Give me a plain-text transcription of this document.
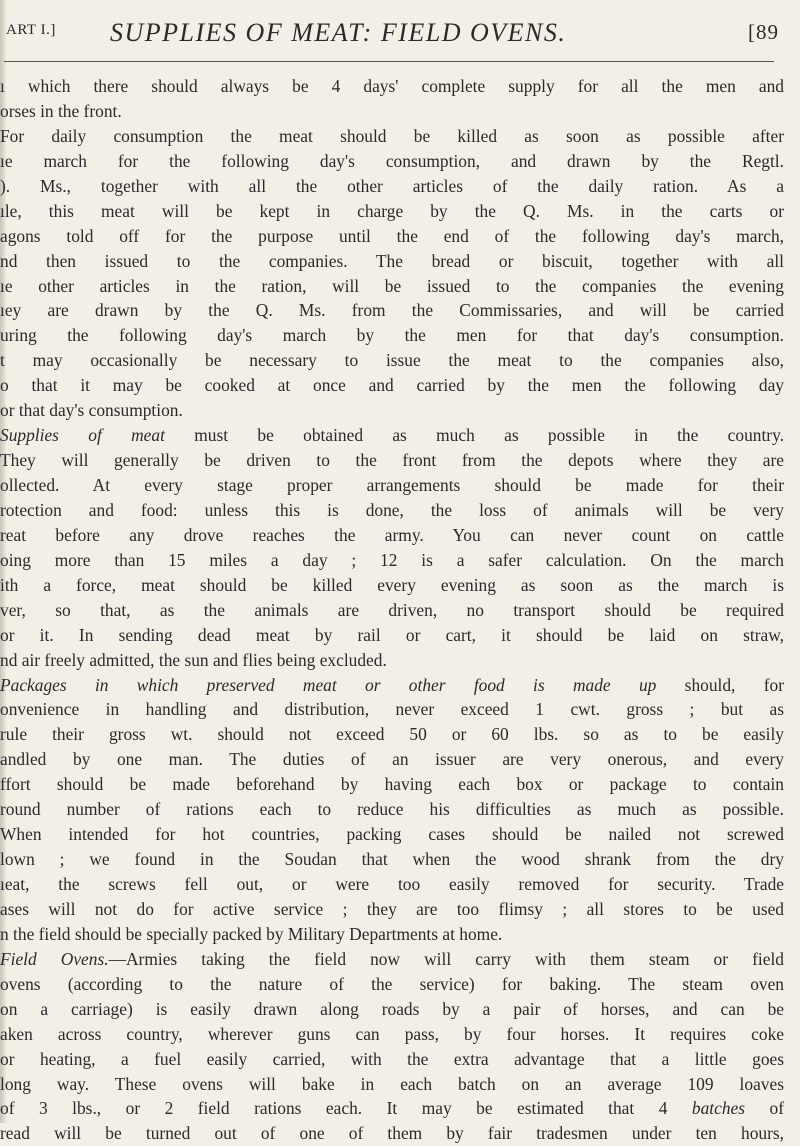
ART I.] SUPPLIES OF MEAT: FIELD OVENS.	[89
ı which there should always be 4 days' complete supply for all the men and
orses in the front.
For daily consumption the meat should be killed as soon as possible after
ıe march for the following day's consumption, and drawn by the Regtl.
). Ms., together with all the other articles of the daily ration. As a
ıle, this meat will be kept in charge by the Q. Ms. in the carts or
agons told off for the purpose until the end of the following day's march,
nd then issued to the companies. The bread or biscuit, together with all
ıe other articles in the ration, will be issued to the companies the evening
ıey are drawn by the Q. Ms. from the Commissaries, and will be carried
uring the following day's march by the men for that day's consumption.
t may occasionally be necessary to issue the meat to the companies also,
o that it may be cooked at once and carried by the men the following day
or that day's consumption.
Supplies of meat must be obtained as much as possible in the country.
They will generally be driven to the front from the depots where they are
ollected. At every stage proper arrangements should be made for their
rotection and food: unless this is done, the loss of animals will be very
reat before any drove reaches the army. You can never count on cattle
oing more than 15 miles a day ; 12 is a safer calculation. On the march
ith a force, meat should be killed every evening as soon as the march is
ver, so that, as the animals are driven, no transport should be required
or it. In sending dead meat by rail or cart, it should be laid on straw,
nd air freely admitted, the sun and flies being excluded.
Packages in which preserved meat or other food is made up should, for
onvenience in handling and distribution, never exceed 1 cwt. gross ; but as
rule their gross wt. should not exceed 50 or 60 lbs. so as to be easily
andled by one man. The duties of an issuer are very onerous, and every
ffort should be made beforehand by having each box or package to contain
round number of rations each to reduce his difficulties as much as possible.
When intended for hot countries, packing cases should be nailed not screwed
lown ; we found in the Soudan that when the wood shrank from the dry
ıeat, the screws fell out, or were too easily removed for security. Trade
ases will not do for active service ; they are too flimsy ; all stores to be used
n the field should be specially packed by Military Departments at home.
Field Ovens.—Armies taking the field now will carry with them steam or field
ovens (according to the nature of the service) for baking. The steam oven
on a carriage) is easily drawn along roads by a pair of horses, and can be
aken across country, wherever guns can pass, by four horses. It requires coke
or heating, a fuel easily carried, with the extra advantage that a little goes
long way. These ovens will bake in each batch on an average 109 loaves
of 3 lbs., or 2 field rations each. It may be estimated that 4 batches of
read will be turned out of one of them by fair tradesmen under ten hours,
